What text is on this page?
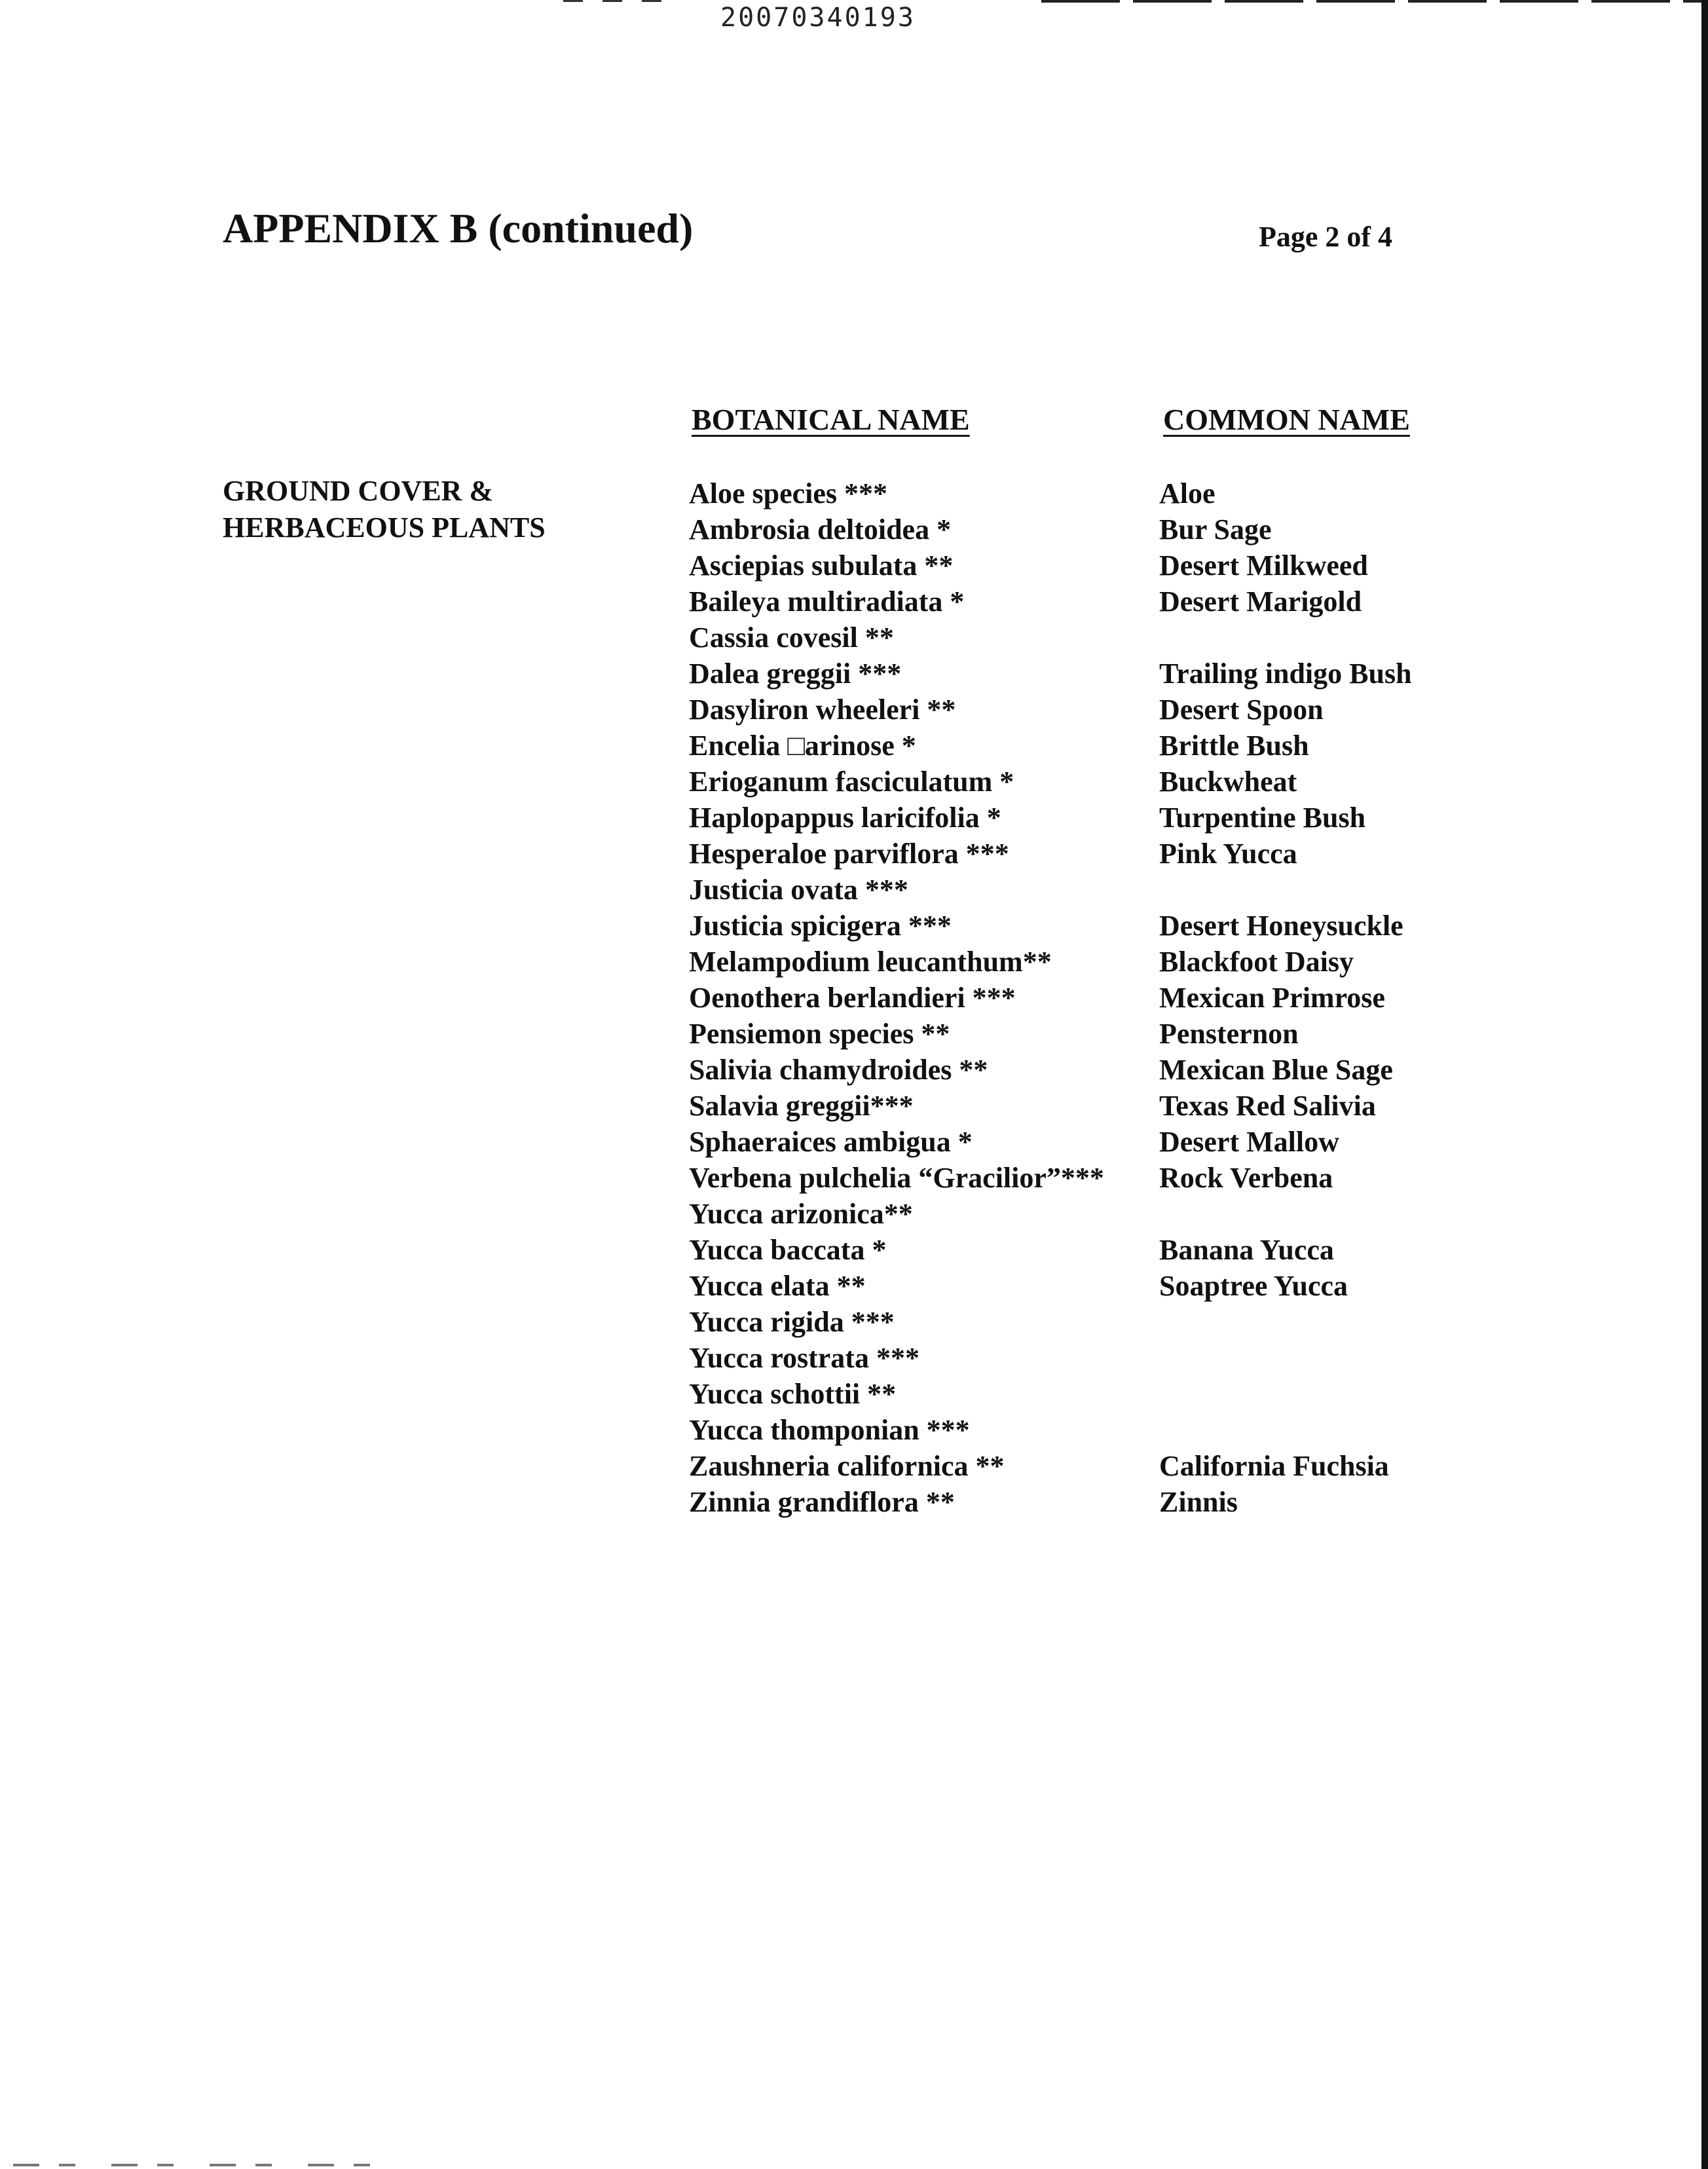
20070340193
APPENDIX B (continued)	Page 2 of 4
BOTANICAL NAME	COMMON NAME
GROUND COVER &
HERBACEOUS PLANTS
Aloe species ***	Aloe
Ambrosia deltoidea *	Bur Sage
Asciepias subulata **	Desert Milkweed
Baileya multiradiata *	Desert Marigold
Cassia covesil **
Dalea greggii ***	Trailing indigo Bush
Dasyliron wheeleri **	Desert Spoon
Encelia □arinose *	Brittle Bush
Erioganum fasciculatum *	Buckwheat
Haplopappus laricifolia *	Turpentine Bush
Hesperaloe parviflora ***	Pink Yucca
Justicia ovata ***
Justicia spicigera ***	Desert Honeysuckle
Melampodium leucanthum**	Blackfoot Daisy
Oenothera berlandieri ***	Mexican Primrose
Pensiemon species **	Pensternon
Salivia chamydroides **	Mexican Blue Sage
Salavia greggii***	Texas Red Salivia
Sphaeraices ambigua *	Desert Mallow
Verbena pulchelia “Gracilior”***	Rock Verbena
Yucca arizonica**
Yucca baccata *	Banana Yucca
Yucca elata **	Soaptree Yucca
Yucca rigida ***
Yucca rostrata ***
Yucca schottii **
Yucca thomponian ***
Zaushneria californica **	California Fuchsia
Zinnia grandiflora **	Zinnis
